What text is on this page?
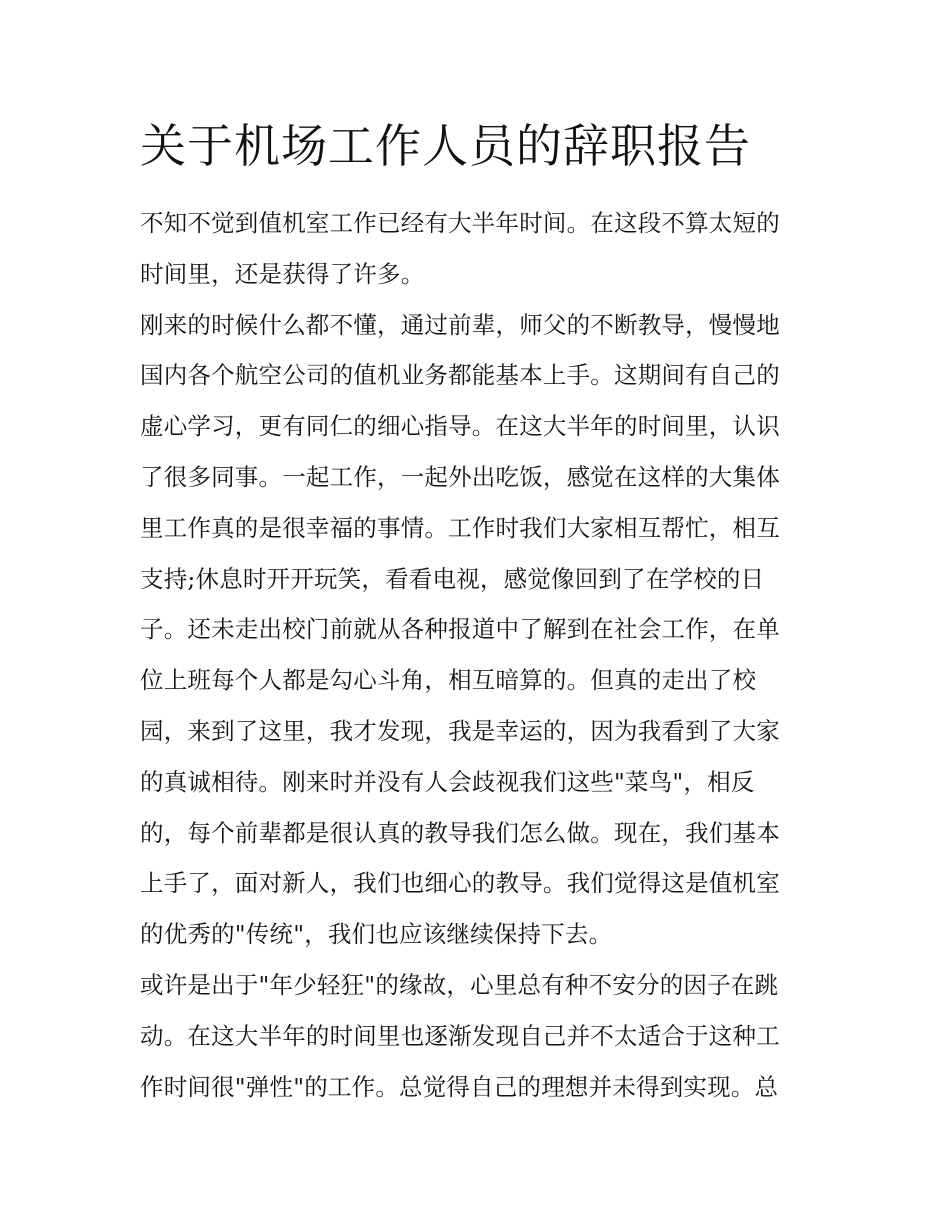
关于机场工作人员的辞职报告
不知不觉到值机室工作已经有大半年时间。在这段不算太短的
时间里，还是获得了许多。
刚来的时候什么都不懂，通过前辈，师父的不断教导，慢慢地
国内各个航空公司的值机业务都能基本上手。这期间有自己的
虚心学习，更有同仁的细心指导。在这大半年的时间里，认识
了很多同事。一起工作，一起外出吃饭，感觉在这样的大集体
里工作真的是很幸福的事情。工作时我们大家相互帮忙，相互
支持;休息时开开玩笑，看看电视，感觉像回到了在学校的日
子。还未走出校门前就从各种报道中了解到在社会工作，在单
位上班每个人都是勾心斗角，相互暗算的。但真的走出了校
园，来到了这里，我才发现，我是幸运的，因为我看到了大家
的真诚相待。刚来时并没有人会歧视我们这些"菜鸟"，相反
的，每个前辈都是很认真的教导我们怎么做。现在，我们基本
上手了，面对新人，我们也细心的教导。我们觉得这是值机室
的优秀的"传统"，我们也应该继续保持下去。
或许是出于"年少轻狂"的缘故，心里总有种不安分的因子在跳
动。在这大半年的时间里也逐渐发现自己并不太适合于这种工
作时间很"弹性"的工作。总觉得自己的理想并未得到实现。总
